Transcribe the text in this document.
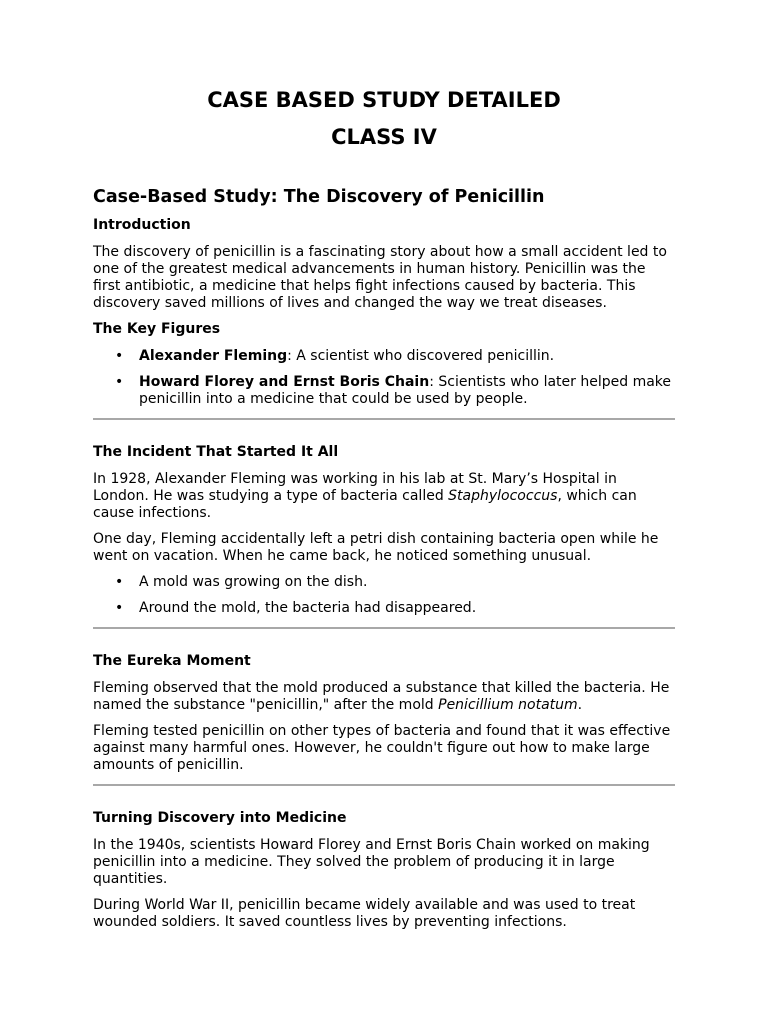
CASE BASED STUDY DETAILED
CLASS IV
Case-Based Study: The Discovery of Penicillin
Introduction

The discovery of penicillin is a fascinating story about how a small accident led to one of the greatest medical advancements in human history. Penicillin was the first antibiotic, a medicine that helps fight infections caused by bacteria. This discovery saved millions of lives and changed the way we treat diseases.

The Key Figures
• Alexander Fleming: A scientist who discovered penicillin.
• Howard Florey and Ernst Boris Chain: Scientists who later helped make penicillin into a medicine that could be used by people.
The Incident That Started It All

In 1928, Alexander Fleming was working in his lab at St. Mary’s Hospital in London. He was studying a type of bacteria called Staphylococcus, which can cause infections.

One day, Fleming accidentally left a petri dish containing bacteria open while he went on vacation. When he came back, he noticed something unusual.

• A mold was growing on the dish.
• Around the mold, the bacteria had disappeared.
The Eureka Moment

Fleming observed that the mold produced a substance that killed the bacteria. He named the substance "penicillin," after the mold Penicillium notatum.

Fleming tested penicillin on other types of bacteria and found that it was effective against many harmful ones. However, he couldn't figure out how to make large amounts of penicillin.

Turning Discovery into Medicine

In the 1940s, scientists Howard Florey and Ernst Boris Chain worked on making penicillin into a medicine. They solved the problem of producing it in large quantities.

During World War II, penicillin became widely available and was used to treat wounded soldiers. It saved countless lives by preventing infections.
